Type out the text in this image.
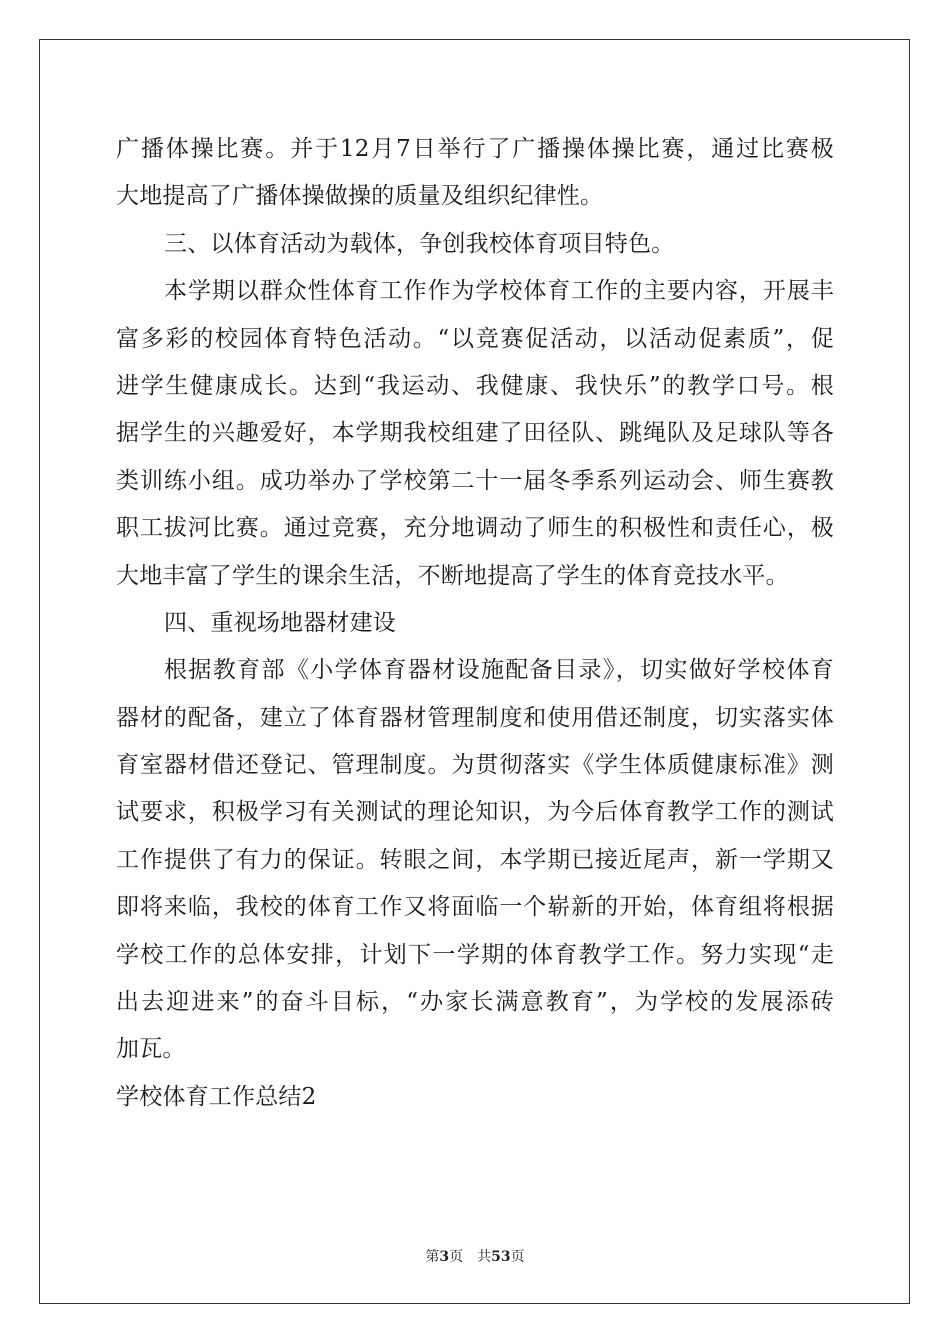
广播体操比赛。并于12月7日举行了广播操体操比赛，通过比赛极
大地提高了广播体操做操的质量及组织纪律性。
三、以体育活动为载体，争创我校体育项目特色。
本学期以群众性体育工作作为学校体育工作的主要内容，开展丰
富多彩的校园体育特色活动。“以竞赛促活动，以活动促素质”，促
进学生健康成长。达到“我运动、我健康、我快乐”的教学口号。根
据学生的兴趣爱好，本学期我校组建了田径队、跳绳队及足球队等各
类训练小组。成功举办了学校第二十一届冬季系列运动会、师生赛教
职工拔河比赛。通过竞赛，充分地调动了师生的积极性和责任心，极
大地丰富了学生的课余生活，不断地提高了学生的体育竞技水平。
四、重视场地器材建设
根据教育部《小学体育器材设施配备目录》，切实做好学校体育
器材的配备，建立了体育器材管理制度和使用借还制度，切实落实体
育室器材借还登记、管理制度。为贯彻落实《学生体质健康标准》测
试要求，积极学习有关测试的理论知识，为今后体育教学工作的测试
工作提供了有力的保证。转眼之间，本学期已接近尾声，新一学期又
即将来临，我校的体育工作又将面临一个崭新的开始，体育组将根据
学校工作的总体安排，计划下一学期的体育教学工作。努力实现“走
出去迎进来”的奋斗目标，“办家长满意教育”，为学校的发展添砖
加瓦。
学校体育工作总结2
第3页 共53页
